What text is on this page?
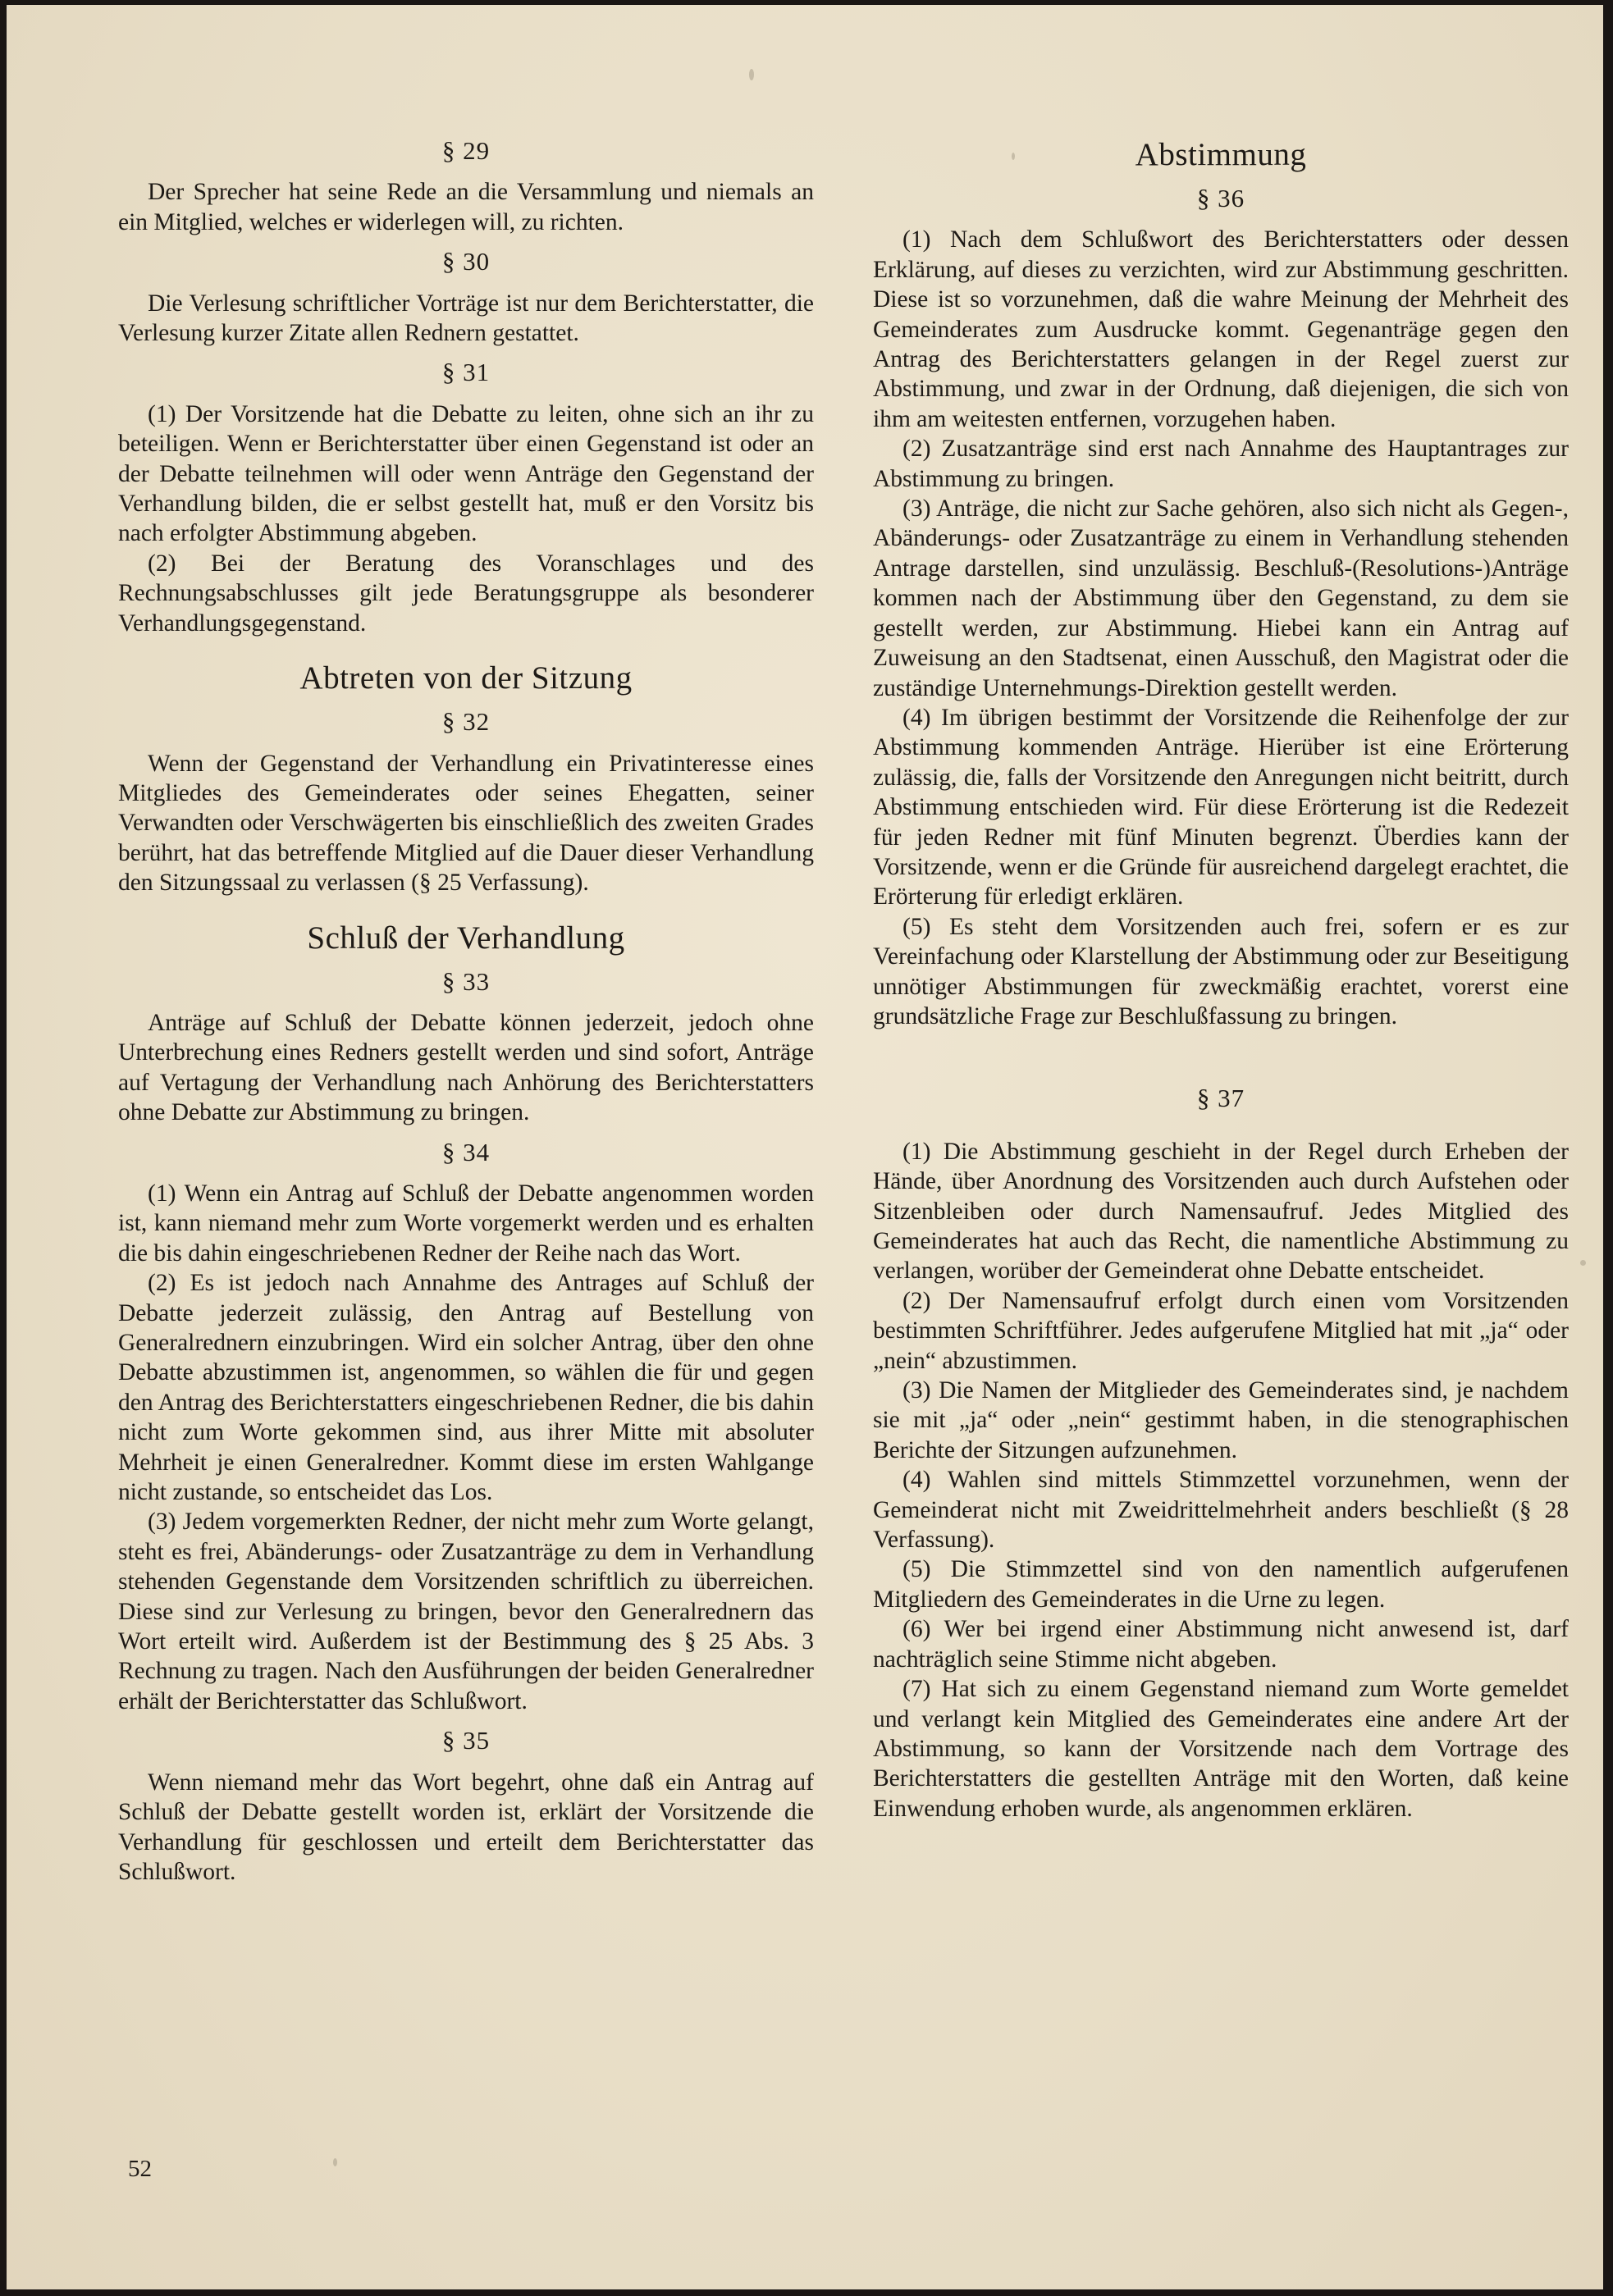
§ 29
Der Sprecher hat seine Rede an die Versammlung und niemals an ein Mitglied, welches er widerlegen will, zu richten.
§ 30
Die Verlesung schriftlicher Vorträge ist nur dem Berichterstatter, die Verlesung kurzer Zitate allen Rednern gestattet.
§ 31
(1) Der Vorsitzende hat die Debatte zu leiten, ohne sich an ihr zu beteiligen. Wenn er Berichterstatter über einen Gegenstand ist oder an der Debatte teilnehmen will oder wenn Anträge den Gegenstand der Verhandlung bilden, die er selbst gestellt hat, muß er den Vorsitz bis nach erfolgter Abstimmung abgeben.
(2) Bei der Beratung des Voranschlages und des Rechnungsabschlusses gilt jede Beratungsgruppe als besonderer Verhandlungsgegenstand.
Abtreten von der Sitzung
§ 32
Wenn der Gegenstand der Verhandlung ein Privatinteresse eines Mitgliedes des Gemeinderates oder seines Ehegatten, seiner Verwandten oder Verschwägerten bis einschließlich des zweiten Grades berührt, hat das betreffende Mitglied auf die Dauer dieser Verhandlung den Sitzungssaal zu verlassen (§ 25 Verfassung).
Schluß der Verhandlung
§ 33
Anträge auf Schluß der Debatte können jederzeit, jedoch ohne Unterbrechung eines Redners gestellt werden und sind sofort, Anträge auf Vertagung der Verhandlung nach Anhörung des Berichterstatters ohne Debatte zur Abstimmung zu bringen.
§ 34
(1) Wenn ein Antrag auf Schluß der Debatte angenommen worden ist, kann niemand mehr zum Worte vorgemerkt werden und es erhalten die bis dahin eingeschriebenen Redner der Reihe nach das Wort.
(2) Es ist jedoch nach Annahme des Antrages auf Schluß der Debatte jederzeit zulässig, den Antrag auf Bestellung von Generalrednern einzubringen. Wird ein solcher Antrag, über den ohne Debatte abzustimmen ist, angenommen, so wählen die für und gegen den Antrag des Berichterstatters eingeschriebenen Redner, die bis dahin nicht zum Worte gekommen sind, aus ihrer Mitte mit absoluter Mehrheit je einen Generalredner. Kommt diese im ersten Wahlgange nicht zustande, so entscheidet das Los.
(3) Jedem vorgemerkten Redner, der nicht mehr zum Worte gelangt, steht es frei, Abänderungs- oder Zusatzanträge zu dem in Verhandlung stehenden Gegenstande dem Vorsitzenden schriftlich zu überreichen. Diese sind zur Verlesung zu bringen, bevor den Generalrednern das Wort erteilt wird. Außerdem ist der Bestimmung des § 25 Abs. 3 Rechnung zu tragen. Nach den Ausführungen der beiden Generalredner erhält der Berichterstatter das Schlußwort.
§ 35
Wenn niemand mehr das Wort begehrt, ohne daß ein Antrag auf Schluß der Debatte gestellt worden ist, erklärt der Vorsitzende die Verhandlung für geschlossen und erteilt dem Berichterstatter das Schlußwort.
Abstimmung
§ 36
(1) Nach dem Schlußwort des Berichterstatters oder dessen Erklärung, auf dieses zu verzichten, wird zur Abstimmung geschritten. Diese ist so vorzunehmen, daß die wahre Meinung der Mehrheit des Gemeinderates zum Ausdrucke kommt. Gegenanträge gegen den Antrag des Berichterstatters gelangen in der Regel zuerst zur Abstimmung, und zwar in der Ordnung, daß diejenigen, die sich von ihm am weitesten entfernen, vorzugehen haben.
(2) Zusatzanträge sind erst nach Annahme des Hauptantrages zur Abstimmung zu bringen.
(3) Anträge, die nicht zur Sache gehören, also sich nicht als Gegen-, Abänderungs- oder Zusatzanträge zu einem in Verhandlung stehenden Antrage darstellen, sind unzulässig. Beschluß-(Resolutions-)Anträge kommen nach der Abstimmung über den Gegenstand, zu dem sie gestellt werden, zur Abstimmung. Hiebei kann ein Antrag auf Zuweisung an den Stadtsenat, einen Ausschuß, den Magistrat oder die zuständige Unternehmungs-Direktion gestellt werden.
(4) Im übrigen bestimmt der Vorsitzende die Reihenfolge der zur Abstimmung kommenden Anträge. Hierüber ist eine Erörterung zulässig, die, falls der Vorsitzende den Anregungen nicht beitritt, durch Abstimmung entschieden wird. Für diese Erörterung ist die Redezeit für jeden Redner mit fünf Minuten begrenzt. Überdies kann der Vorsitzende, wenn er die Gründe für ausreichend dargelegt erachtet, die Erörterung für erledigt erklären.
(5) Es steht dem Vorsitzenden auch frei, sofern er es zur Vereinfachung oder Klarstellung der Abstimmung oder zur Beseitigung unnötiger Abstimmungen für zweckmäßig erachtet, vorerst eine grundsätzliche Frage zur Beschlußfassung zu bringen.
§ 37
(1) Die Abstimmung geschieht in der Regel durch Erheben der Hände, über Anordnung des Vorsitzenden auch durch Aufstehen oder Sitzenbleiben oder durch Namensaufruf. Jedes Mitglied des Gemeinderates hat auch das Recht, die namentliche Abstimmung zu verlangen, worüber der Gemeinderat ohne Debatte entscheidet.
(2) Der Namensaufruf erfolgt durch einen vom Vorsitzenden bestimmten Schriftführer. Jedes aufgerufene Mitglied hat mit „ja“ oder „nein“ abzustimmen.
(3) Die Namen der Mitglieder des Gemeinderates sind, je nachdem sie mit „ja“ oder „nein“ gestimmt haben, in die stenographischen Berichte der Sitzungen aufzunehmen.
(4) Wahlen sind mittels Stimmzettel vorzunehmen, wenn der Gemeinderat nicht mit Zweidrittelmehrheit anders beschließt (§ 28 Verfassung).
(5) Die Stimmzettel sind von den namentlich aufgerufenen Mitgliedern des Gemeinderates in die Urne zu legen.
(6) Wer bei irgend einer Abstimmung nicht anwesend ist, darf nachträglich seine Stimme nicht abgeben.
(7) Hat sich zu einem Gegenstand niemand zum Worte gemeldet und verlangt kein Mitglied des Gemeinderates eine andere Art der Abstimmung, so kann der Vorsitzende nach dem Vortrage des Berichterstatters die gestellten Anträge mit den Worten, daß keine Einwendung erhoben wurde, als angenommen erklären.
52
